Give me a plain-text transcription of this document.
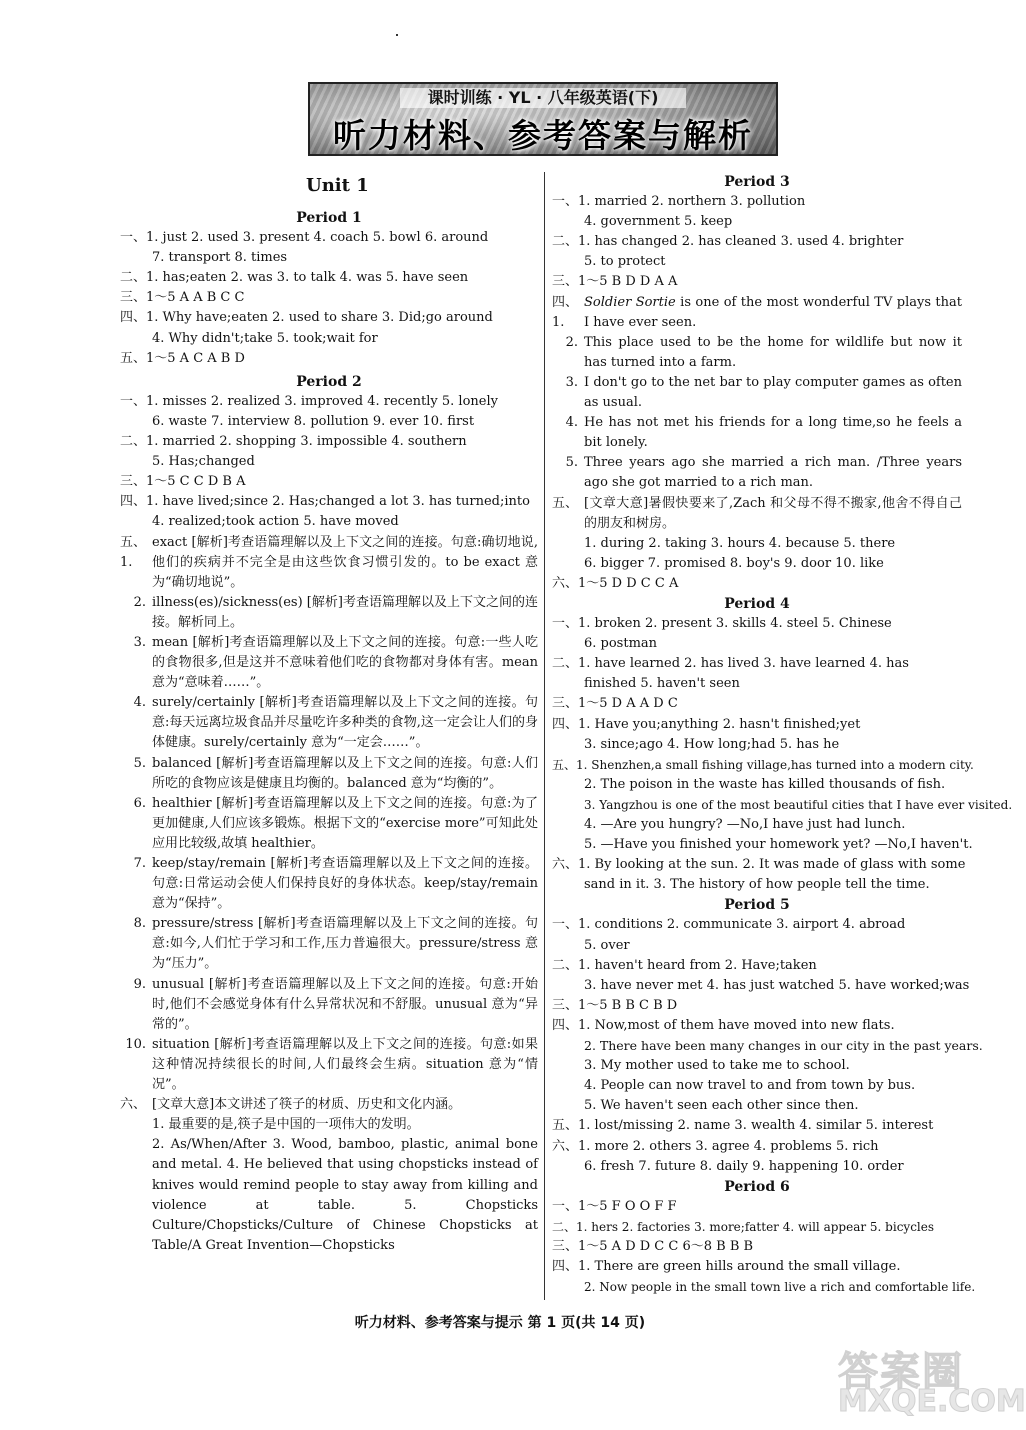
课时训练 · YL · 八年级英语(下)
听力材料、参考答案与解析
Unit 1
Period 1
一、1. just 2. used 3. present 4. coach 5. bowl 6. around
7. transport 8. times
二、1. has;eaten 2. was 3. to talk 4. was 5. have seen
三、1～5 A A B C C
四、1. Why have;eaten 2. used to share 3. Did;go around
4. Why didn't;take 5. took;wait for
五、1～5 A C A B D
Period 2
一、1. misses 2. realized 3. improved 4. recently 5. lonely
6. waste 7. interview 8. pollution 9. ever 10. first
二、1. married 2. shopping 3. impossible 4. southern
5. Has;changed
三、1～5 C C D B A
四、1. have lived;since 2. Has;changed a lot 3. has turned;into
4. realized;took action 5. have moved
五、1.
exact [解析]考查语篇理解以及上下文之间的连接。句意:确切地说,他们的疾病并不完全是由这些饮食习惯引发的。to be exact 意为“确切地说”。
2. illness(es)/sickness(es) [解析]考查语篇理解以及上下文之间的连接。解析同上。
3. mean [解析]考查语篇理解以及上下文之间的连接。句意:一些人吃的食物很多,但是这并不意味着他们吃的食物都对身体有害。mean 意为“意味着……”。
4. surely/certainly [解析]考查语篇理解以及上下文之间的连接。句意:每天远离垃圾食品并尽量吃许多种类的食物,这一定会让人们的身体健康。surely/certainly 意为“一定会……”。
5. balanced [解析]考查语篇理解以及上下文之间的连接。句意:人们所吃的食物应该是健康且均衡的。balanced 意为“均衡的”。
6. healthier [解析]考查语篇理解以及上下文之间的连接。句意:为了更加健康,人们应该多锻炼。根据下文的“exercise more”可知此处应用比较级,故填 healthier。
7. keep/stay/remain [解析]考查语篇理解以及上下文之间的连接。句意:日常运动会使人们保持良好的身体状态。keep/stay/remain 意为“保持”。
8. pressure/stress [解析]考查语篇理解以及上下文之间的连接。句意:如今,人们忙于学习和工作,压力普遍很大。pressure/stress 意为“压力”。
9. unusual [解析]考查语篇理解以及上下文之间的连接。句意:开始时,他们不会感觉身体有什么异常状况和不舒服。unusual 意为“异常的”。
10. situation [解析]考查语篇理解以及上下文之间的连接。句意:如果这种情况持续很长的时间,人们最终会生病。situation 意为“情况”。
六、 [文章大意]本文讲述了筷子的材质、历史和文化内涵。
1. 最重要的是,筷子是中国的一项伟大的发明。
2. As/When/After 3. Wood, bamboo, plastic, animal bone and metal. 4. He believed that using chopsticks instead of knives would remind people to stay away from killing and violence at table. 5. Chopsticks Culture/Chopsticks/Culture of Chinese Chopsticks at Table/A Great Invention—Chopsticks
Period 3
一、1. married 2. northern 3. pollution
4. government 5. keep
二、1. has changed 2. has cleaned 3. used 4. brighter
5. to protect
三、1～5 B D D A A
四、1.
Soldier Sortie is one of the most wonderful TV plays that I have ever seen.
2. This place used to be the home for wildlife but now it has turned into a farm.
3. I don't go to the net bar to play computer games as often as usual.
4. He has not met his friends for a long time,so he feels a bit lonely.
5. Three years ago she married a rich man. /Three years ago she got married to a rich man.
五、 [文章大意]暑假快要来了,Zach 和父母不得不搬家,他舍不得自己的朋友和树房。
1. during 2. taking 3. hours 4. because 5. there
6. bigger 7. promised 8. boy's 9. door 10. like
六、1～5 D D C C A
Period 4
一、1. broken 2. present 3. skills 4. steel 5. Chinese
6. postman
二、1. have learned 2. has lived 3. have learned 4. has
finished 5. haven't seen
三、1～5 D A A D C
四、1. Have you;anything 2. hasn't finished;yet
3. since;ago 4. How long;had 5. has he
五、1. Shenzhen,a small fishing village,has turned into a modern city.
2. The poison in the waste has killed thousands of fish.
3. Yangzhou is one of the most beautiful cities that I have ever visited.
4. —Are you hungry? —No,I have just had lunch.
5. —Have you finished your homework yet? —No,I haven't.
六、1. By looking at the sun. 2. It was made of glass with some
sand in it. 3. The history of how people tell the time.
Period 5
一、1. conditions 2. communicate 3. airport 4. abroad
5. over
二、1. haven't heard from 2. Have;taken
3. have never met 4. has just watched 5. have worked;was
三、1～5 B B C B D
四、1. Now,most of them have moved into new flats.
2. There have been many changes in our city in the past years.
3. My mother used to take me to school.
4. People can now travel to and from town by bus.
5. We haven't seen each other since then.
五、1. lost/missing 2. name 3. wealth 4. similar 5. interest
六、1. more 2. others 3. agree 4. problems 5. rich
6. fresh 7. future 8. daily 9. happening 10. order
Period 6
一、1～5 F O O F F
二、1. hers 2. factories 3. more;fatter 4. will appear 5. bicycles
三、1～5 A D D C C 6～8 B B B
四、1. There are green hills around the small village.
2. Now people in the small town live a rich and comfortable life.
听力材料、参考答案与提示 第 1 页(共 14 页)
答案圈
MXQE.COM
